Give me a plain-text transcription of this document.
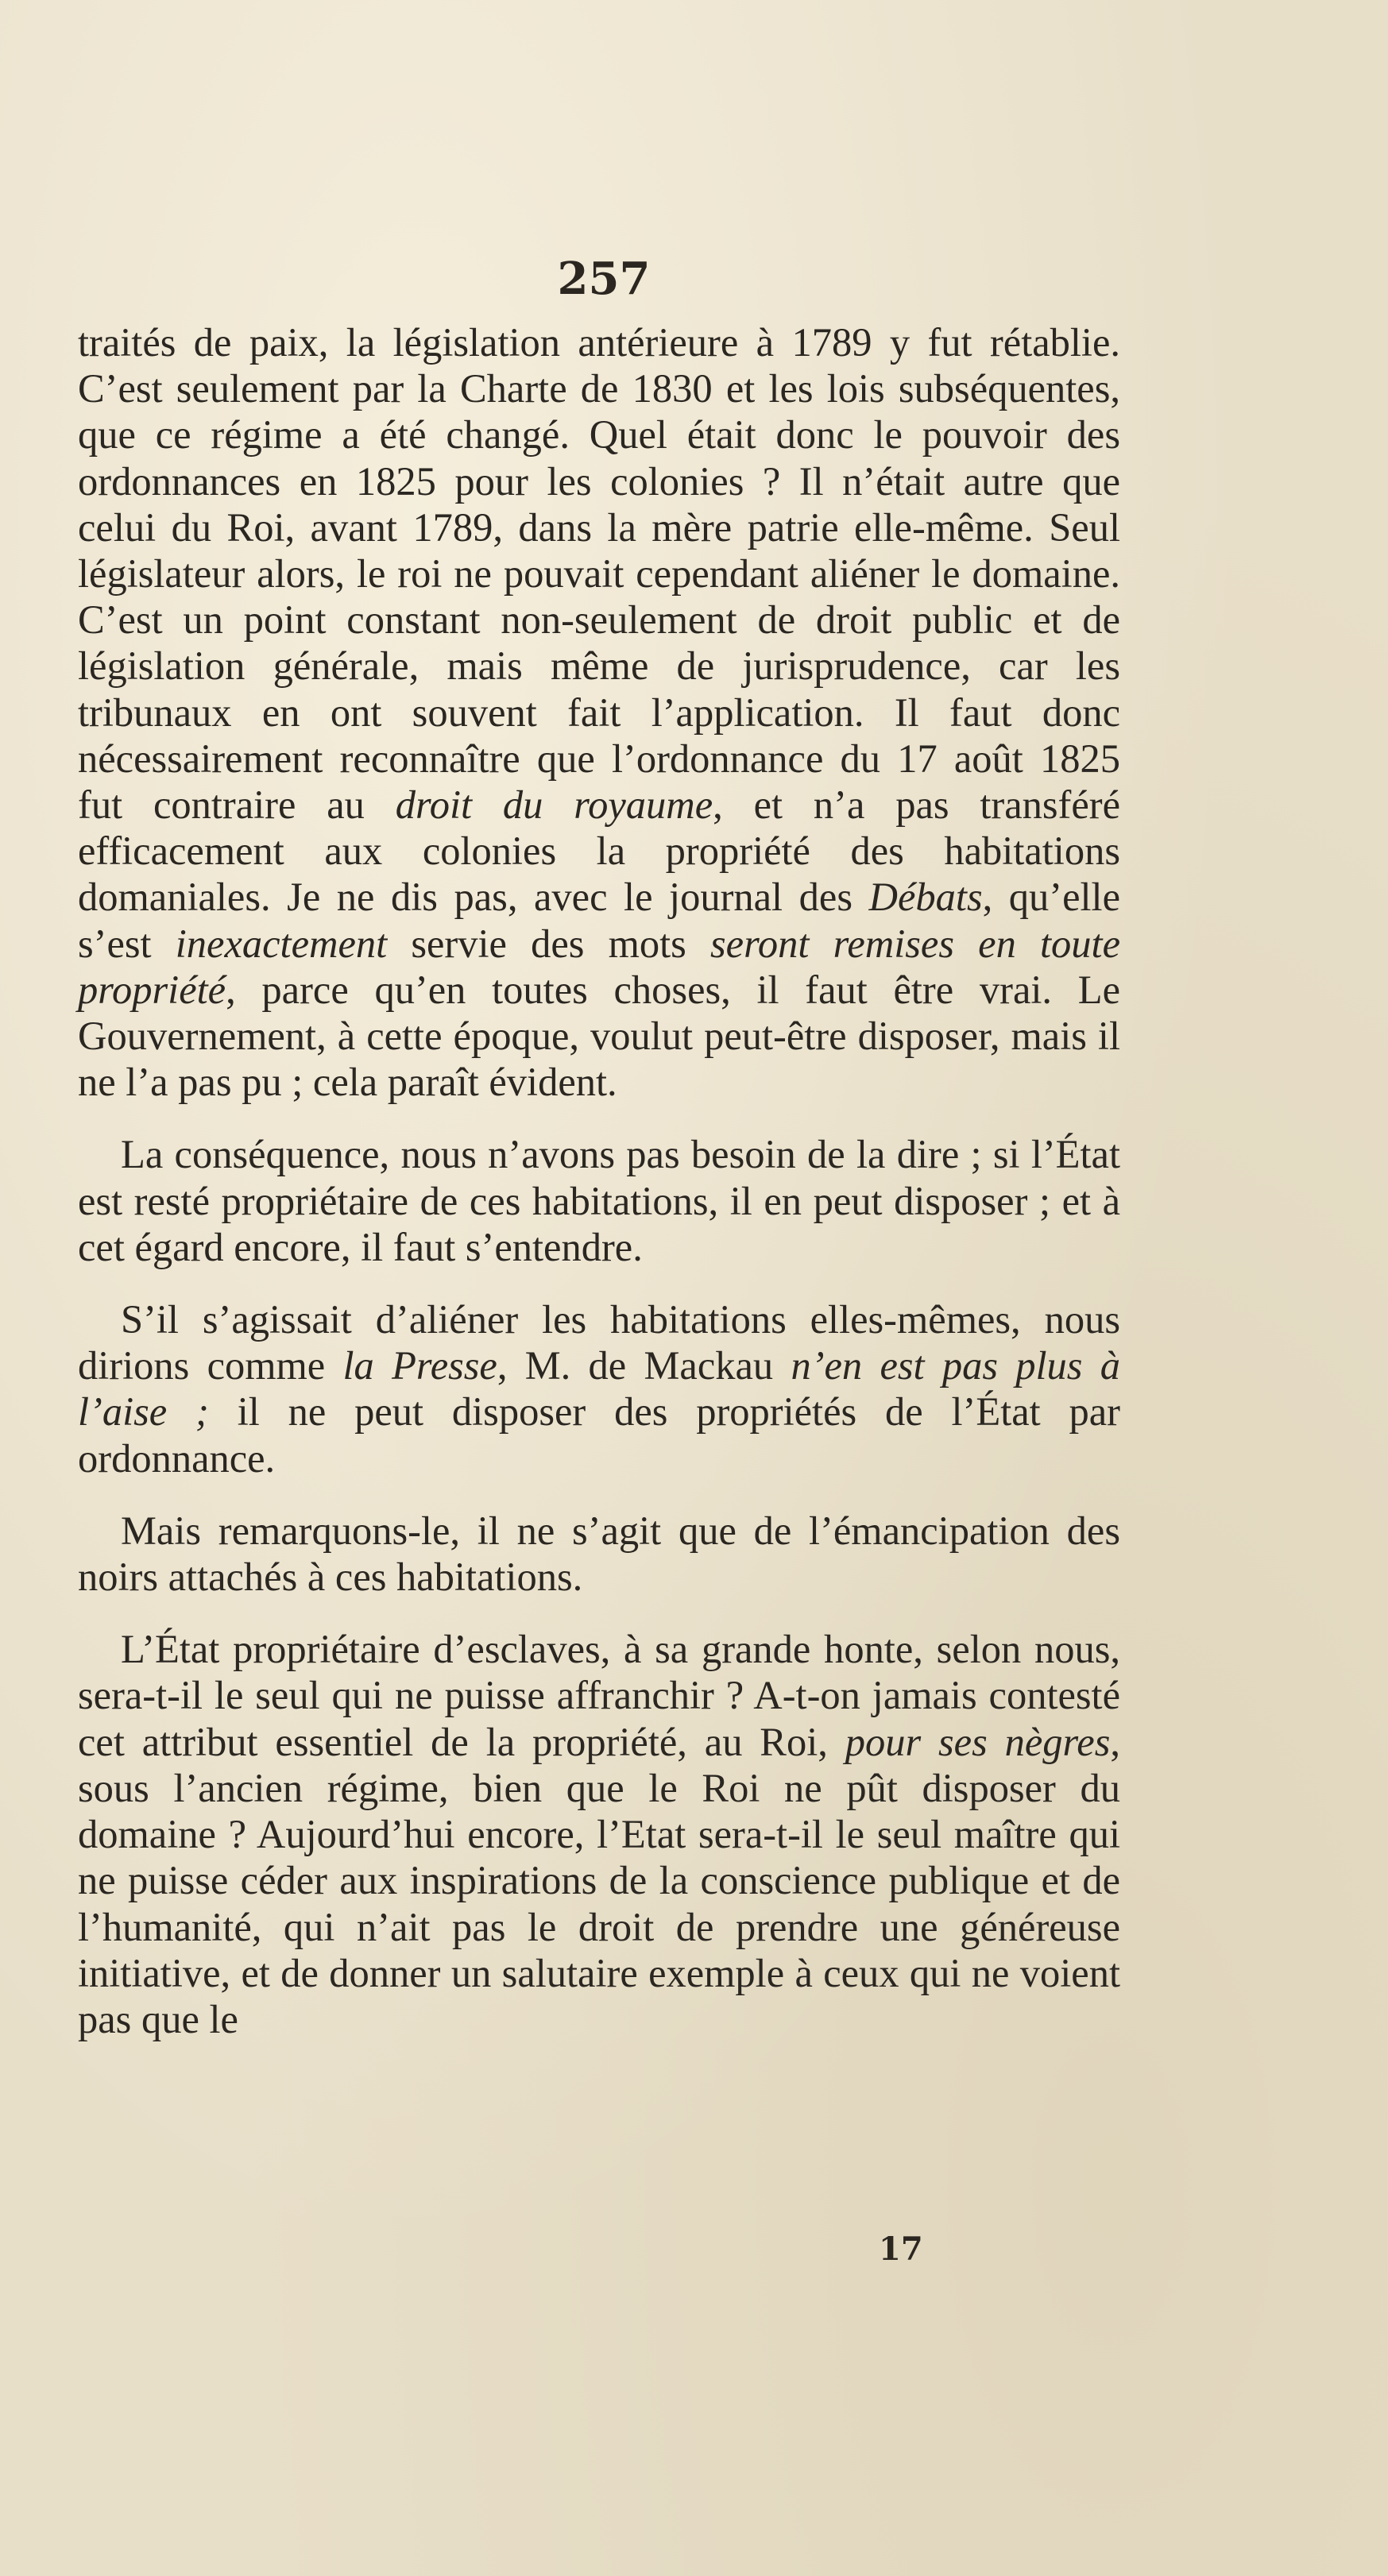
257

traités de paix, la législation antérieure à 1789 y fut rétablie. C’est seulement par la Charte de 1830 et les lois subséquentes, que ce régime a été changé. Quel était donc le pouvoir des ordonnances en 1825 pour les colonies ? Il n’était autre que celui du Roi, avant 1789, dans la mère patrie elle-même. Seul législateur alors, le roi ne pouvait cependant aliéner le domaine. C’est un point constant non-seulement de droit public et de législation générale, mais même de jurisprudence, car les tribunaux en ont souvent fait l’application. Il faut donc nécessairement reconnaître que l’ordonnance du 17 août 1825 fut contraire au droit du royaume, et n’a pas transféré efficacement aux colonies la propriété des habitations domaniales. Je ne dis pas, avec le journal des Débats, qu’elle s’est inexactement servie des mots seront remises en toute propriété, parce qu’en toutes choses, il faut être vrai. Le Gouvernement, à cette époque, voulut peut-être disposer, mais il ne l’a pas pu ; cela paraît évident.

La conséquence, nous n’avons pas besoin de la dire ; si l’État est resté propriétaire de ces habitations, il en peut disposer ; et à cet égard encore, il faut s’entendre.

S’il s’agissait d’aliéner les habitations elles-mêmes, nous dirions comme la Presse, M. de Mackau n’en est pas plus à l’aise ; il ne peut disposer des propriétés de l’État par ordonnance.

Mais remarquons-le, il ne s’agit que de l’émancipation des noirs attachés à ces habitations.

L’État propriétaire d’esclaves, à sa grande honte, selon nous, sera-t-il le seul qui ne puisse affranchir ? A-t-on jamais contesté cet attribut essentiel de la propriété, au Roi, pour ses nègres, sous l’ancien régime, bien que le Roi ne pût disposer du domaine ? Aujourd’hui encore, l’Etat sera-t-il le seul maître qui ne puisse céder aux inspirations de la conscience publique et de l’humanité, qui n’ait pas le droit de prendre une généreuse initiative, et de donner un salutaire exemple à ceux qui ne voient pas que le

17
